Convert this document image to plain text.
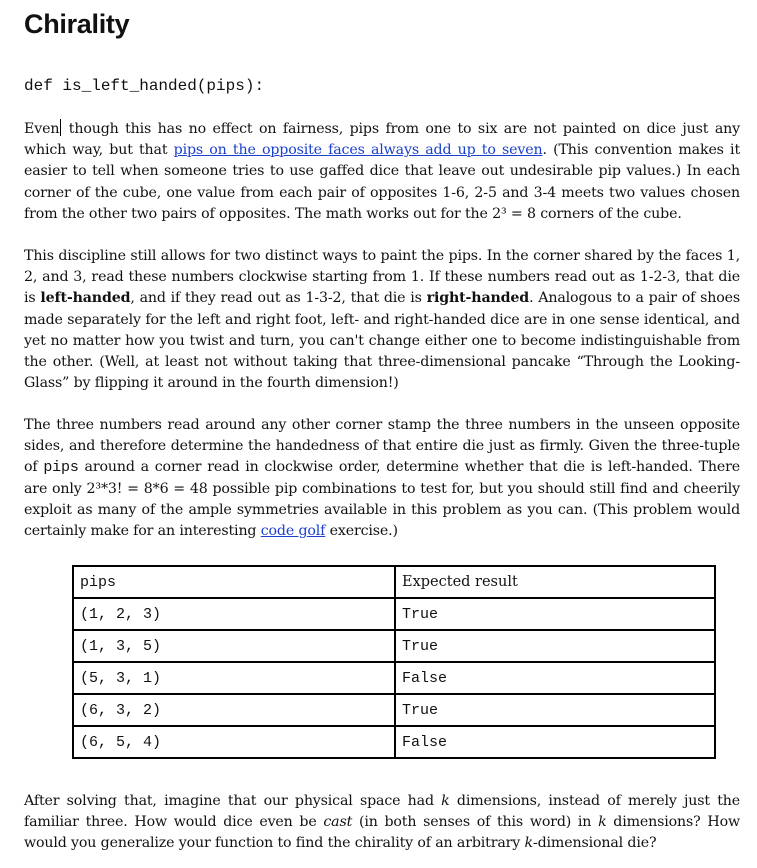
Chirality
def is_left_handed(pips):

Even though this has no effect on fairness, pips from one to six are not painted on dice just any which way, but that pips on the opposite faces always add up to seven. (This convention makes it easier to tell when someone tries to use gaffed dice that leave out undesirable pip values.) In each corner of the cube, one value from each pair of opposites 1-6, 2-5 and 3-4 meets two values chosen from the other two pairs of opposites. The math works out for the 2³ = 8 corners of the cube.

This discipline still allows for two distinct ways to paint the pips. In the corner shared by the faces 1, 2, and 3, read these numbers clockwise starting from 1. If these numbers read out as 1-2-3, that die is left-handed, and if they read out as 1-3-2, that die is right-handed. Analogous to a pair of shoes made separately for the left and right foot, left- and right-handed dice are in one sense identical, and yet no matter how you twist and turn, you can't change either one to become indistinguishable from the other. (Well, at least not without taking that three-dimensional pancake “Through the Looking-Glass” by flipping it around in the fourth dimension!)

The three numbers read around any other corner stamp the three numbers in the unseen opposite sides, and therefore determine the handedness of that entire die just as firmly. Given the three-tuple of pips around a corner read in clockwise order, determine whether that die is left-handed. There are only 2³*3! = 8*6 = 48 possible pip combinations to test for, but you should still find and cheerily exploit as many of the ample symmetries available in this problem as you can. (This problem would certainly make for an interesting code golf exercise.)

After solving that, imagine that our physical space had k dimensions, instead of merely just the familiar three. How would dice even be cast (in both senses of this word) in k dimensions? How would you generalize your function to find the chirality of an arbitrary k-dimensional die?

pips	Expected result
(1, 2, 3)	True
(1, 3, 5)	True
(5, 3, 1)	False
(6, 3, 2)	True
(6, 5, 4)	False
